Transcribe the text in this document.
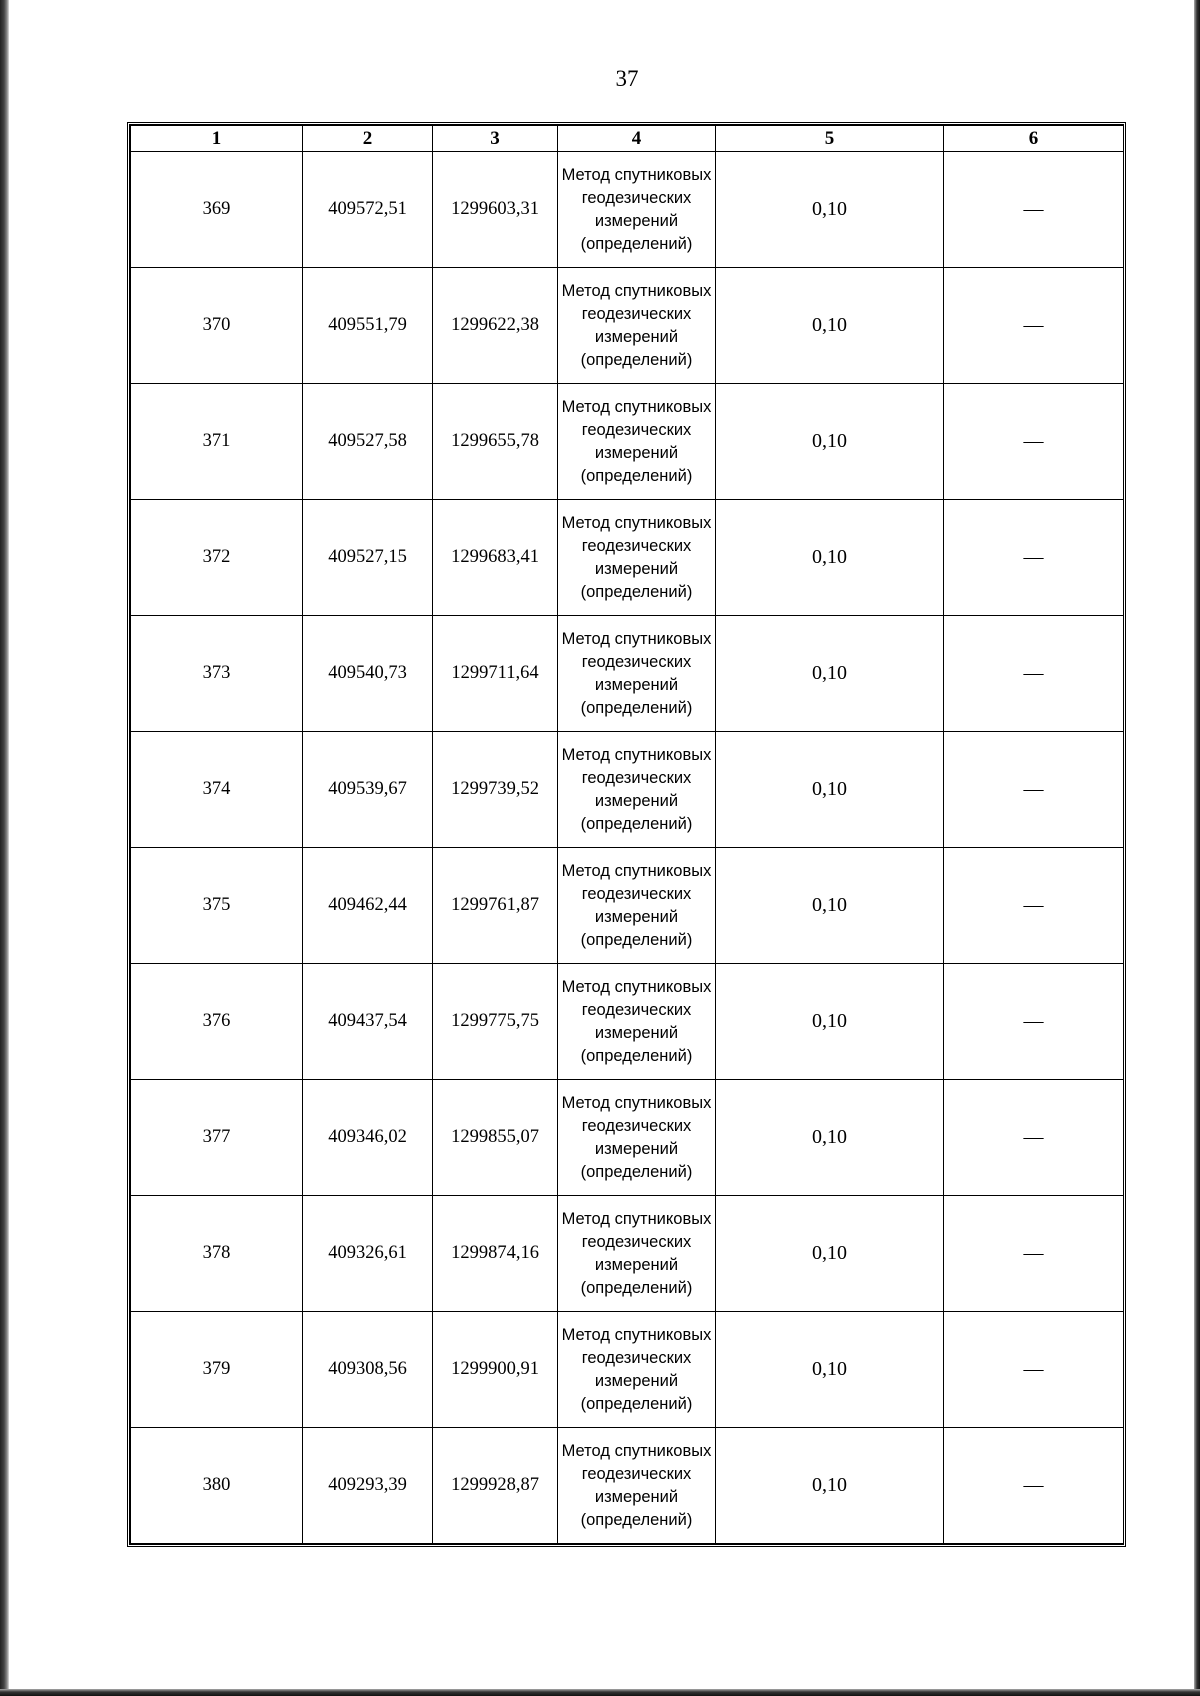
37
1	2	3	4	5	6
369	409572,51	1299603,31	Метод спутниковых геодезических измерений (определений)	0,10	—
370	409551,79	1299622,38	Метод спутниковых геодезических измерений (определений)	0,10	—
371	409527,58	1299655,78	Метод спутниковых геодезических измерений (определений)	0,10	—
372	409527,15	1299683,41	Метод спутниковых геодезических измерений (определений)	0,10	—
373	409540,73	1299711,64	Метод спутниковых геодезических измерений (определений)	0,10	—
374	409539,67	1299739,52	Метод спутниковых геодезических измерений (определений)	0,10	—
375	409462,44	1299761,87	Метод спутниковых геодезических измерений (определений)	0,10	—
376	409437,54	1299775,75	Метод спутниковых геодезических измерений (определений)	0,10	—
377	409346,02	1299855,07	Метод спутниковых геодезических измерений (определений)	0,10	—
378	409326,61	1299874,16	Метод спутниковых геодезических измерений (определений)	0,10	—
379	409308,56	1299900,91	Метод спутниковых геодезических измерений (определений)	0,10	—
380	409293,39	1299928,87	Метод спутниковых геодезических измерений (определений)	0,10	—
